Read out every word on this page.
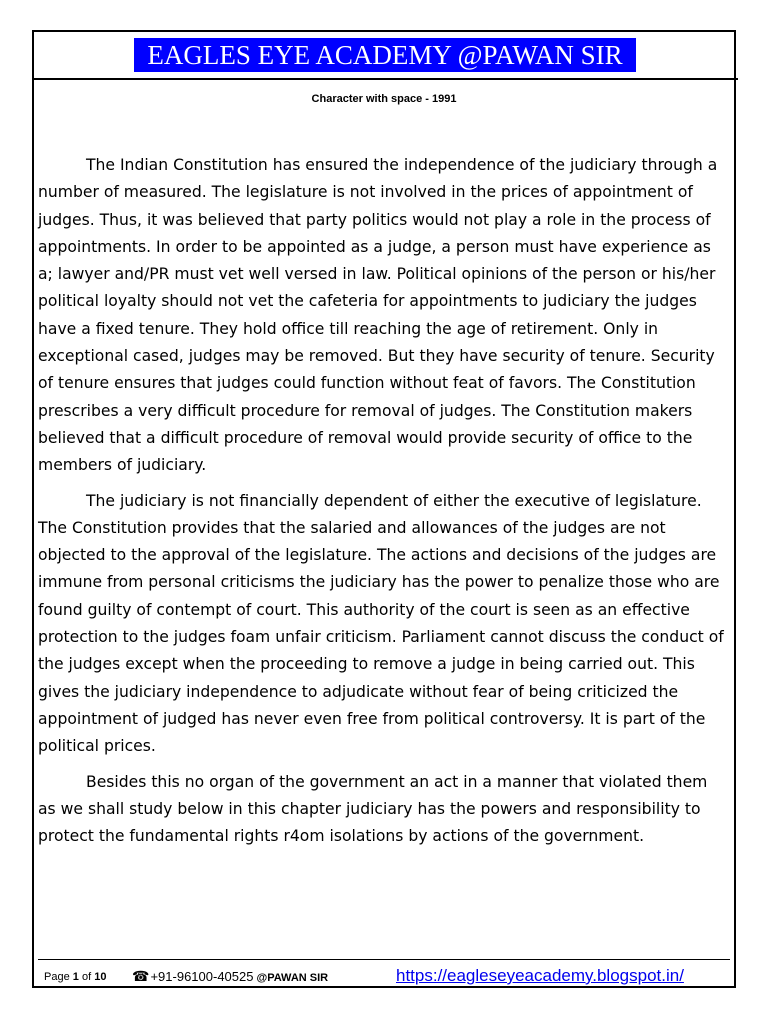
EAGLES EYE ACADEMY @PAWAN SIR
Character with space - 1991

The Indian Constitution has ensured the independence of the judiciary through a number of measured. The legislature is not involved in the prices of appointment of judges. Thus, it was believed that party politics would not play a role in the process of appointments. In order to be appointed as a judge, a person must have experience as a; lawyer and/PR must vet well versed in law. Political opinions of the person or his/her political loyalty should not vet the cafeteria for appointments to judiciary the judges have a fixed tenure. They hold office till reaching the age of retirement. Only in exceptional cased, judges may be removed. But they have security of tenure. Security of tenure ensures that judges could function without feat of favors. The Constitution prescribes a very difficult procedure for removal of judges. The Constitution makers believed that a difficult procedure of removal would provide security of office to the members of judiciary.

The judiciary is not financially dependent of either the executive of legislature. The Constitution provides that the salaried and allowances of the judges are not objected to the approval of the legislature. The actions and decisions of the judges are immune from personal criticisms the judiciary has the power to penalize those who are found guilty of contempt of court. This authority of the court is seen as an effective protection to the judges foam unfair criticism. Parliament cannot discuss the conduct of the judges except when the proceeding to remove a judge in being carried out. This gives the judiciary independence to adjudicate without fear of being criticized the appointment of judged has never even free from political controversy. It is part of the political prices.

Besides this no organ of the government an act in a manner that violated them as we shall study below in this chapter judiciary has the powers and responsibility to protect the fundamental rights r4om isolations by actions of the government.

Page 1 of 10 ☎+91-96100-40525 @PAWAN SIR	https://eagleseyeacademy.blogspot.in/
